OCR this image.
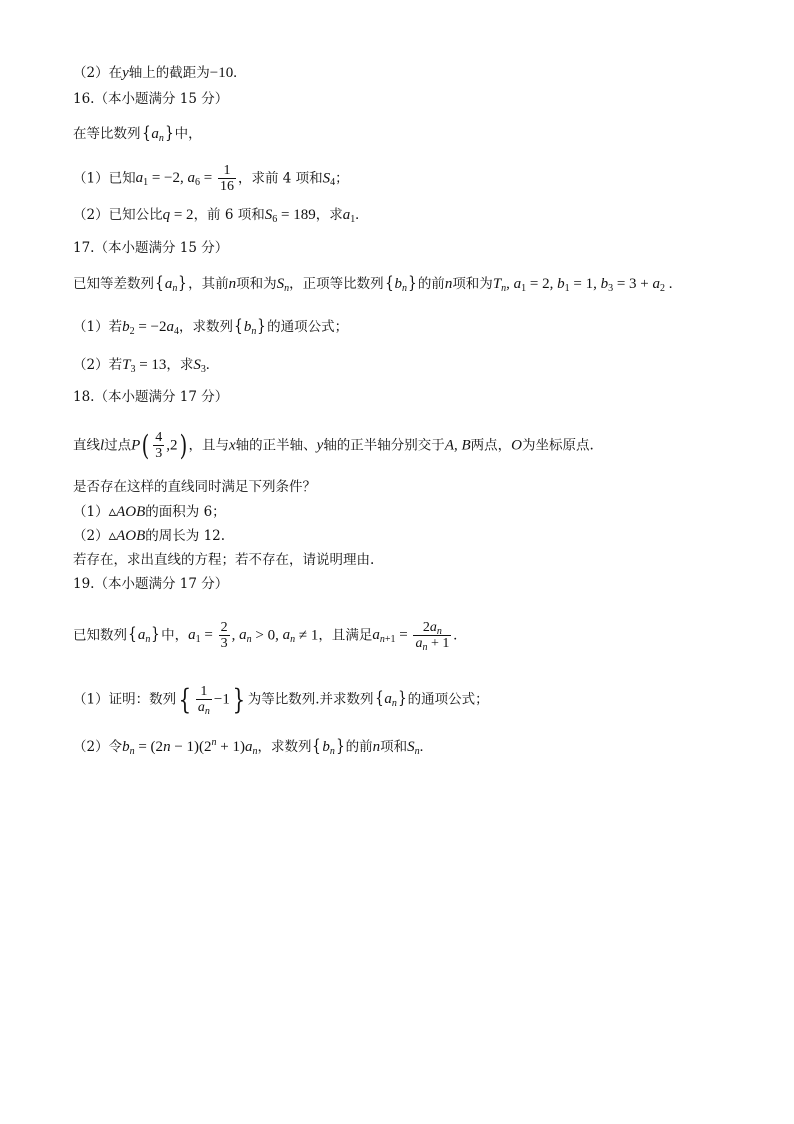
（2）在y轴上的截距为−10.
16.（本小题满分 15 分）
在等比数列$\{a_n\}$中，
（1）已知$a_1 = -2$, $a_6 = \frac{1}{16}$ ，求前 4 项和$S_4$；
（2）已知公比q = 2，前 6 项和$S_6 = 189$，求$a_1$.
17.（本小题满分 15 分）
已知等差数列$\{a_n\}$，其前n项和为$S_n$，正项等比数列$\{b_n\}$的前n项和为$T_n$, $a_1 = 2$, $b_1 = 1$, $b_3 = 3 + a_2$ .
（1）若$b_2 = -2a_4$，求数列$\{b_n\}$的通项公式；
（2）若$T_3 = 13$，求$S_3$.
18.（本小题满分 17 分）
直线l过点$P( \frac{4}{3} ,2)$ ，且与x轴的正半轴、y轴的正半轴分别交于A, B两点，O为坐标原点.
是否存在这样的直线同时满足下列条件？
（1）▵AOB的面积为 6；
（2）▵AOB的周长为 12.
若存在，求出直线的方程；若不存在，请说明理由.
19.（本小题满分 17 分）
已知数列$\{a_n\}$中，$a_1 = \frac{2}{3}$ , $a_n > 0$, $a_n \ne 1$，且满足$a_{n+1} = \frac{2a_n}{a_n + 1}$ .
（1）证明：数列{ $\frac{1}{a_n} -1$} 为等比数列.并求数列$\{a_n\}$的通项公式；
（2）令$b_n = (2n - 1)(2^n + 1)a_n$，求数列$\{b_n\}$的前n项和$S_n$.
